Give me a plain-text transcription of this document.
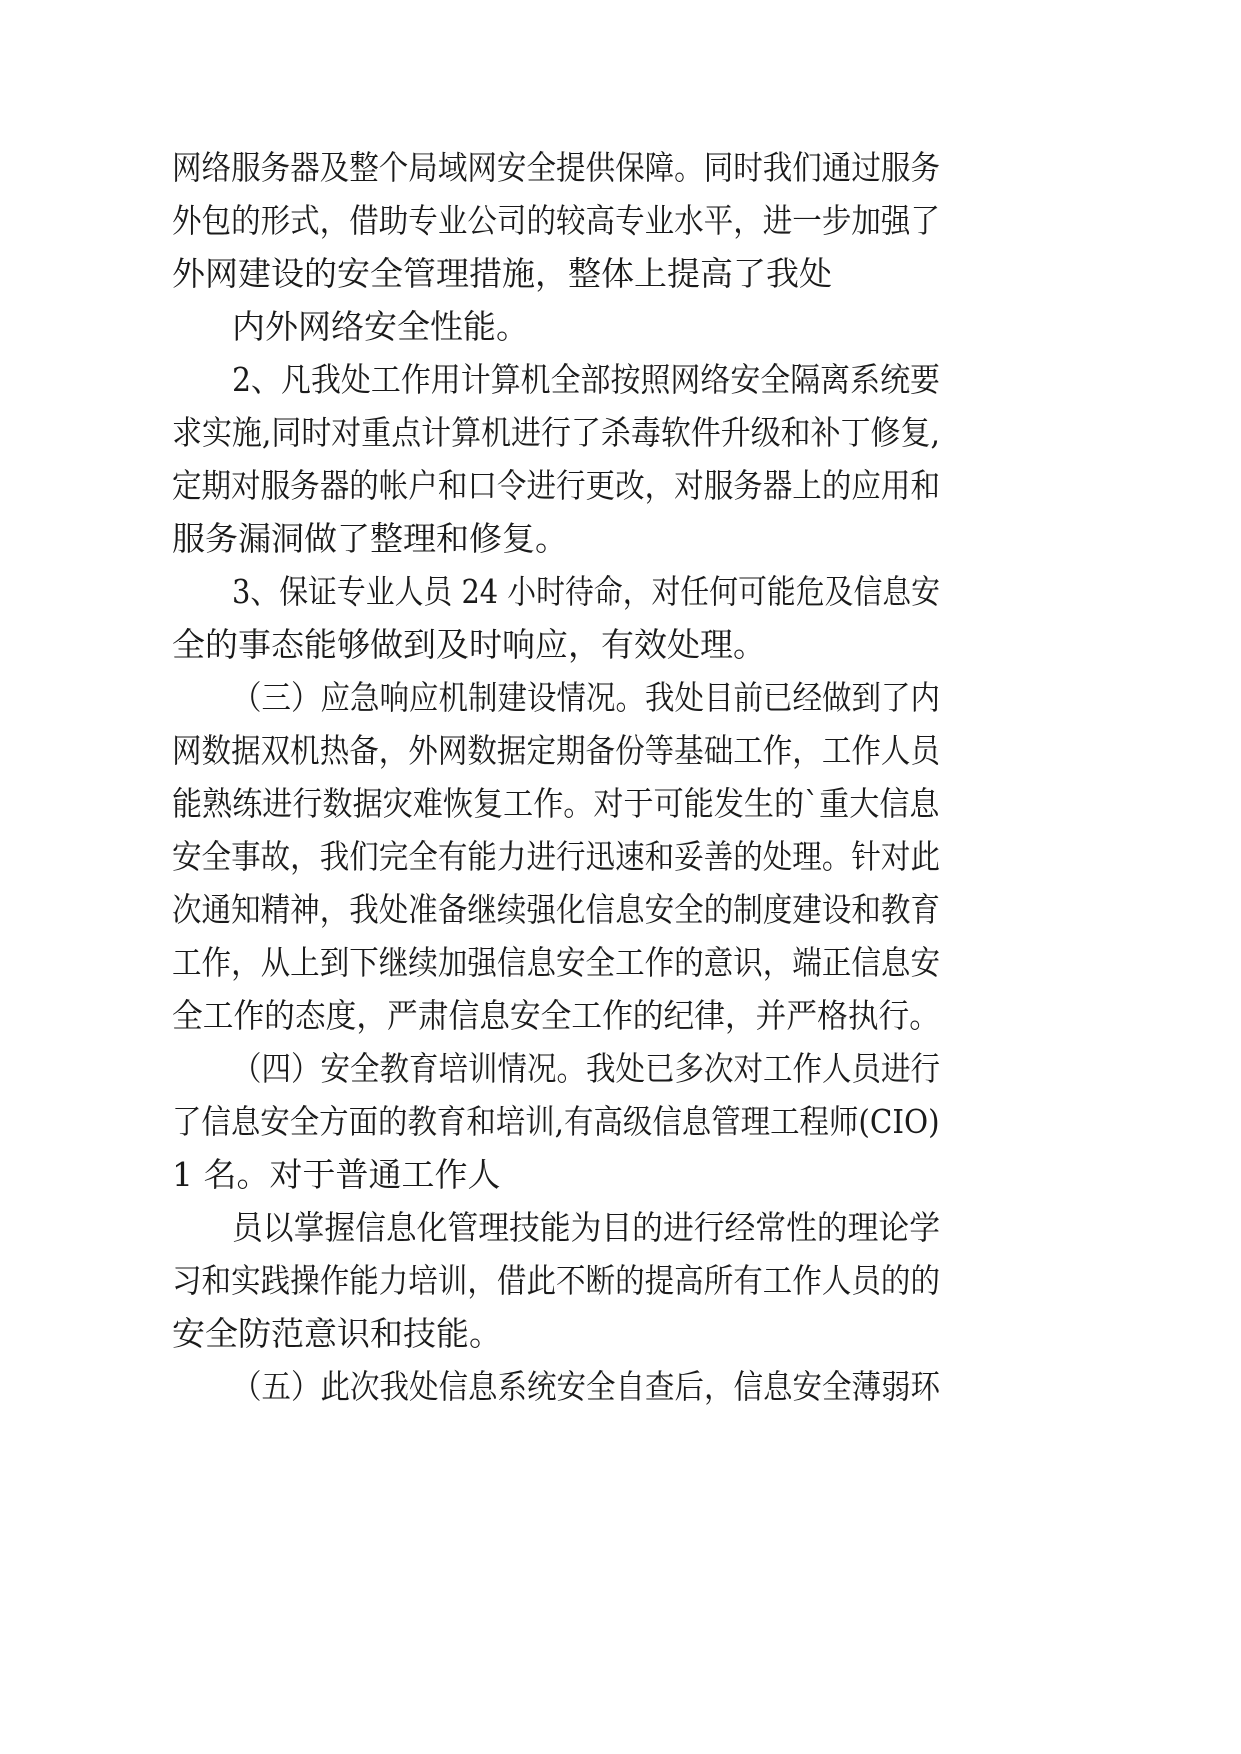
网络服务器及整个局域网安全提供保障。同时我们通过服务
外包的形式，借助专业公司的较高专业水平，进一步加强了
外网建设的安全管理措施，整体上提高了我处
内外网络安全性能。
2、凡我处工作用计算机全部按照网络安全隔离系统要
求实施,同时对重点计算机进行了杀毒软件升级和补丁修复,
定期对服务器的帐户和口令进行更改，对服务器上的应用和
服务漏洞做了整理和修复。
3、保证专业人员 24 小时待命，对任何可能危及信息安
全的事态能够做到及时响应，有效处理。
（三）应急响应机制建设情况。我处目前已经做到了内
网数据双机热备，外网数据定期备份等基础工作，工作人员
能熟练进行数据灾难恢复工作。对于可能发生的`重大信息
安全事故，我们完全有能力进行迅速和妥善的处理。针对此
次通知精神，我处准备继续强化信息安全的制度建设和教育
工作，从上到下继续加强信息安全工作的意识，端正信息安
全工作的态度，严肃信息安全工作的纪律，并严格执行。
（四）安全教育培训情况。我处已多次对工作人员进行
了信息安全方面的教育和培训,有高级信息管理工程师(CIO)
1 名。对于普通工作人
员以掌握信息化管理技能为目的进行经常性的理论学
习和实践操作能力培训，借此不断的提高所有工作人员的的
安全防范意识和技能。
（五）此次我处信息系统安全自查后，信息安全薄弱环
